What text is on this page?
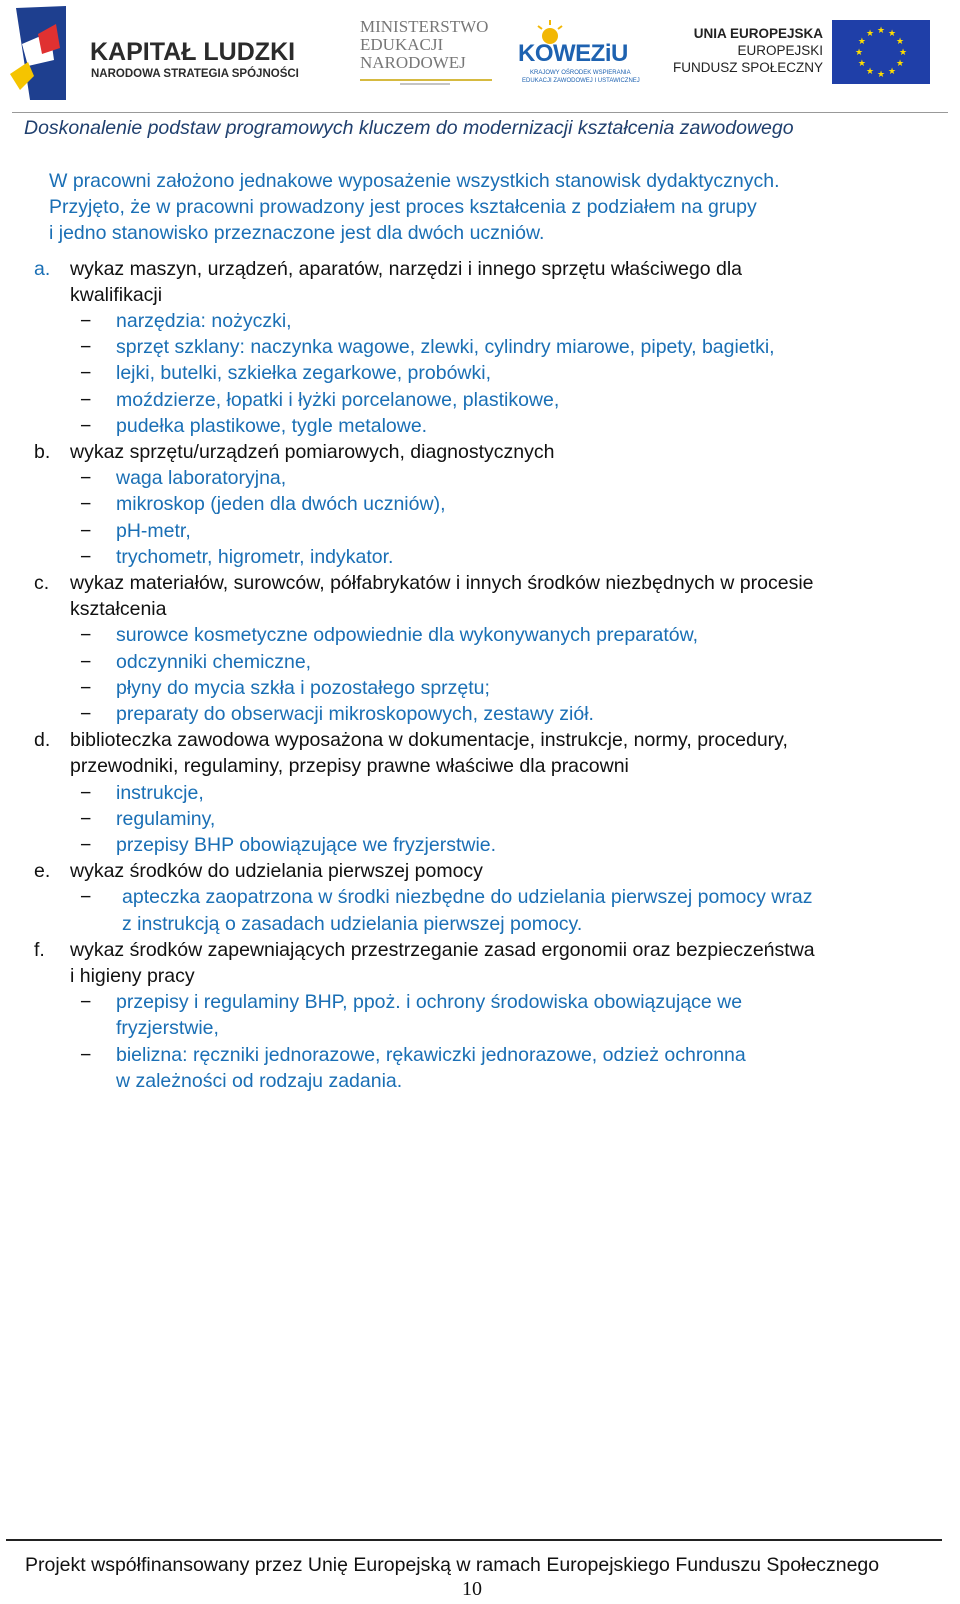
KAPITAŁ LUDZKI
NARODOWA STRATEGIA SPÓJNOŚCI
MINISTERSTWO
EDUKACJI
NARODOWEJ	KOWEZiU
KRAJOWY OŚRODEK WSPIERANIA
EDUKACJI ZAWODOWEJ I USTAWICZNEJ
UNIA EUROPEJSKA
EUROPEJSKI
FUNDUSZ SPOŁECZNY
★ ★
★
★
★
★
★
★
★
★
★
★
Doskonalenie podstaw programowych kluczem do modernizacji kształcenia zawodowego
W pracowni założono jednakowe wyposażenie wszystkich stanowisk dydaktycznych.
Przyjęto, że w pracowni prowadzony jest proces kształcenia z podziałem na grupy
i jedno stanowisko przeznaczone jest dla dwóch uczniów.
a. wykaz maszyn, urządzeń, aparatów, narzędzi i innego sprzętu właściwego dla
kwalifikacji
− narzędzia: nożyczki,
− sprzęt szklany: naczynka wagowe, zlewki, cylindry miarowe, pipety, bagietki,
− lejki, butelki, szkiełka zegarkowe, probówki,
− moździerze, łopatki i łyżki porcelanowe, plastikowe,
− pudełka plastikowe, tygle metalowe.
b. wykaz sprzętu/urządzeń pomiarowych, diagnostycznych
− waga laboratoryjna,
− mikroskop (jeden dla dwóch uczniów),
− pH-metr,
− trychometr, higrometr, indykator.
c. wykaz materiałów, surowców, półfabrykatów i innych środków niezbędnych w procesie
kształcenia
− surowce kosmetyczne odpowiednie dla wykonywanych preparatów,
− odczynniki chemiczne,
− płyny do mycia szkła i pozostałego sprzętu;
− preparaty do obserwacji mikroskopowych, zestawy ziół.
d. biblioteczka zawodowa wyposażona w dokumentacje, instrukcje, normy, procedury,
przewodniki, regulaminy, przepisy prawne właściwe dla pracowni
− instrukcje,
− regulaminy,
− przepisy BHP obowiązujące we fryzjerstwie.
e. wykaz środków do udzielania pierwszej pomocy
− apteczka zaopatrzona w środki niezbędne do udzielania pierwszej pomocy wraz
z instrukcją o zasadach udzielania pierwszej pomocy.
f. wykaz środków zapewniających przestrzeganie zasad ergonomii oraz bezpieczeństwa
i higieny pracy
− przepisy i regulaminy BHP, ppoż. i ochrony środowiska obowiązujące we
fryzjerstwie,
− bielizna: ręczniki jednorazowe, rękawiczki jednorazowe, odzież ochronna
w zależności od rodzaju zadania.
Projekt współfinansowany przez Unię Europejską w ramach Europejskiego Funduszu Społecznego
10
